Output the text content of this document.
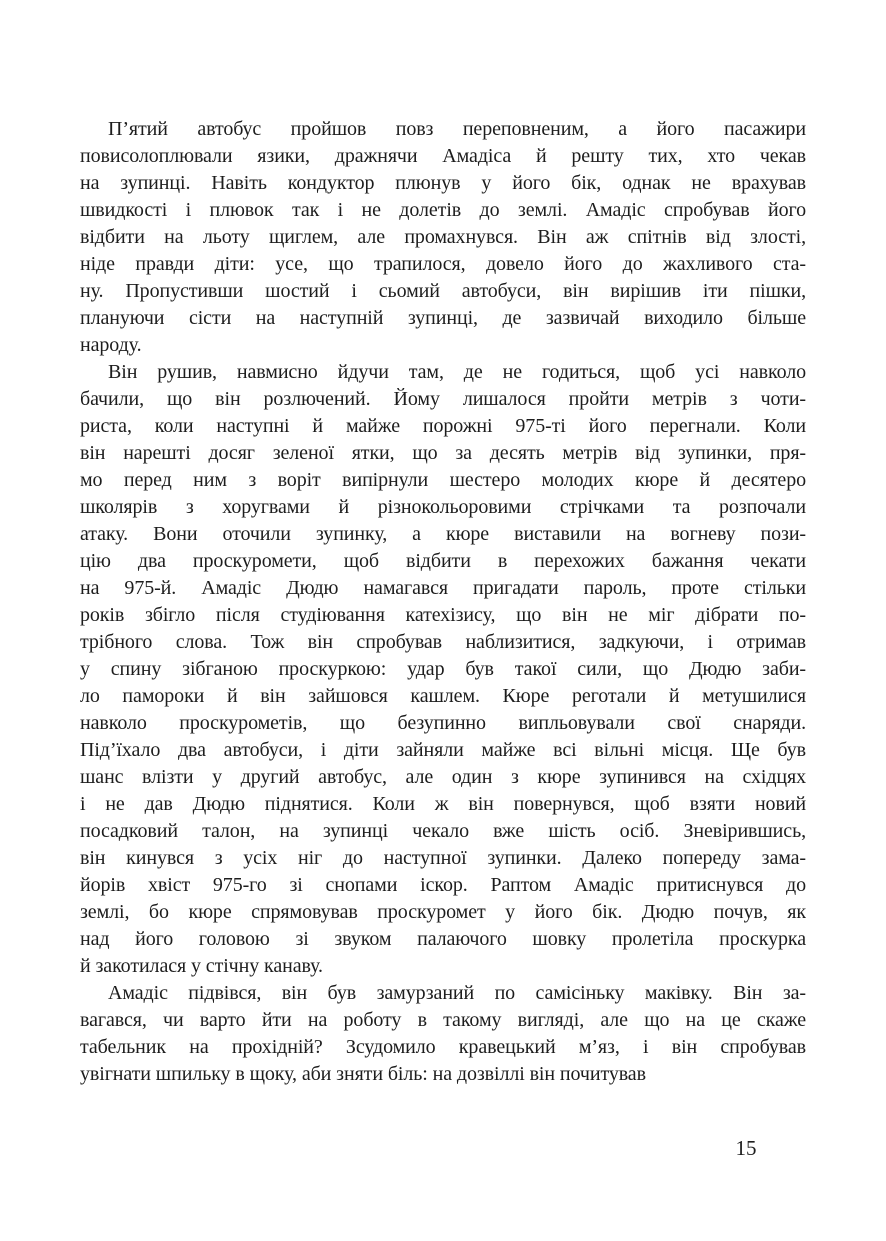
П’ятий автобус пройшов повз переповненим, а його пасажири
повисолоплювали язики, дражнячи Амадіса й решту тих, хто чекав
на зупинці. Навіть кондуктор плюнув у його бік, однак не врахував
швидкості і плювок так і не долетів до землі. Амадіс спробував його
відбити на льоту щиглем, але промахнувся. Він аж спітнів від злості,
ніде правди діти: усе, що трапилося, довело його до жахливого ста-
ну. Пропустивши шостий і сьомий автобуси, він вирішив іти пішки,
плануючи сісти на наступній зупинці, де зазвичай виходило більше
народу.
Він рушив, навмисно йдучи там, де не годиться, щоб усі навколо
бачили, що він розлючений. Йому лишалося пройти метрів з чоти-
риста, коли наступні й майже порожні 975-ті його перегнали. Коли
він нарешті досяг зеленої ятки, що за десять метрів від зупинки, пря-
мо перед ним з воріт випірнули шестеро молодих кюре й десятеро
школярів з хоругвами й різнокольоровими стрічками та розпочали
атаку. Вони оточили зупинку, а кюре виставили на вогневу пози-
цію два проскуромети, щоб відбити в перехожих бажання чекати
на 975-й. Амадіс Дюдю намагався пригадати пароль, проте стільки
років збігло після студіювання катехізису, що він не міг дібрати по-
трібного слова. Тож він спробував наблизитися, задкуючи, і отримав
у спину зібганою проскуркою: удар був такої сили, що Дюдю заби-
ло памороки й він зайшовся кашлем. Кюре реготали й метушилися
навколо проскурометів, що безупинно випльовували свої снаряди.
Під’їхало два автобуси, і діти зайняли майже всі вільні місця. Ще був
шанс влізти у другий автобус, але один з кюре зупинився на східцях
і не дав Дюдю піднятися. Коли ж він повернувся, щоб взяти новий
посадковий талон, на зупинці чекало вже шість осіб. Зневірившись,
він кинувся з усіх ніг до наступної зупинки. Далеко попереду зама-
йорів хвіст 975-го зі снопами іскор. Раптом Амадіс притиснувся до
землі, бо кюре спрямовував проскуромет у його бік. Дюдю почув, як
над його головою зі звуком палаючого шовку пролетіла проскурка
й закотилася у стічну канаву.
Амадіс підвівся, він був замурзаний по самісіньку маківку. Він за-
вагався, чи варто йти на роботу в такому вигляді, але що на це скаже
табельник на прохідній? Зсудомило кравецький м’яз, і він спробував
увігнати шпильку в щоку, аби зняти біль: на дозвіллі він почитував
15
